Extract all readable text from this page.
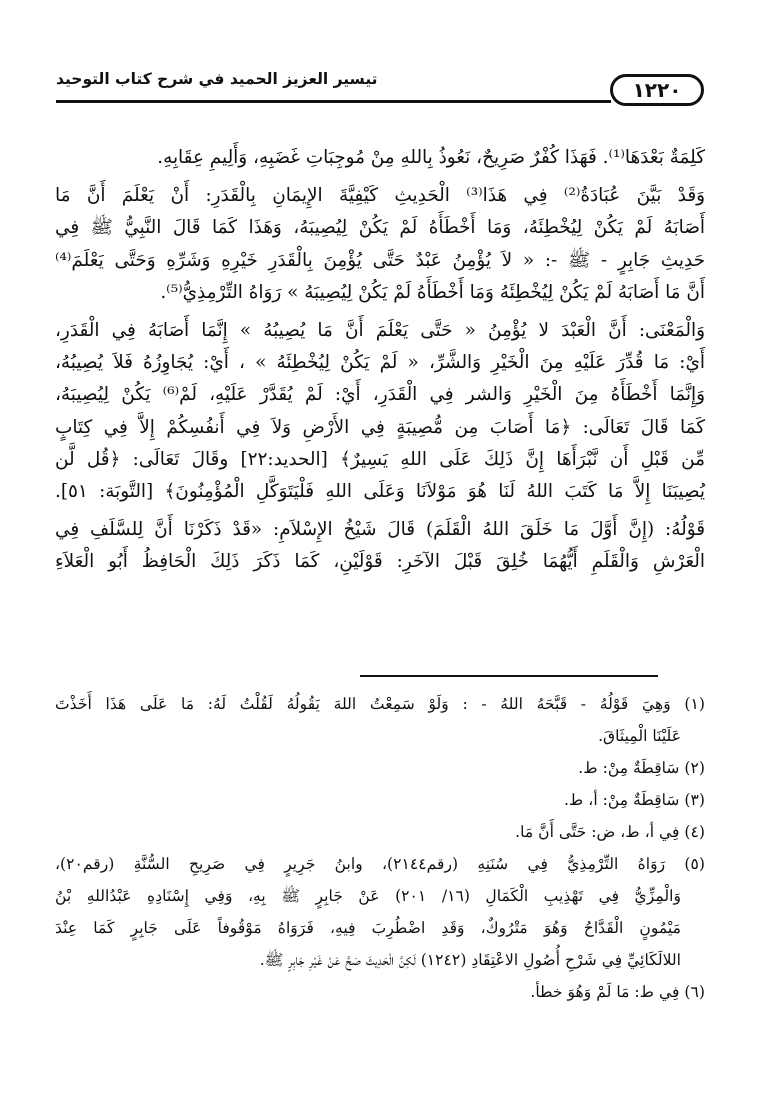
تيسير العزيز الحميد في شرح كتاب التوحيد	١٢٢٠

كَلِمَةٌ بَعْدَهَا⁽¹⁾. فَهَذَا كُفْرٌ صَرِيحٌ، نَعُوذُ بِاللهِ مِنْ مُوجِبَاتِ غَضَبِهِ، وَأَلِيمِ عِقَابِهِ.

وَقَدْ بَيَّنَ عُبَادَةُ⁽²⁾ فِي هَذَا⁽³⁾ الْحَدِيثِ كَيْفِيَّةَ الإِيمَانِ بِالْقَدَرِ: أَنْ يَعْلَمَ أَنَّ مَا

أَصَابَهُ لَمْ يَكُنْ لِيُخْطِئَهُ، وَمَا أَخْطَأَهُ لَمْ يَكُنْ لِيُصِيبَهُ، وَهَذَا كَمَا قَالَ النَّبِيُّ ﷺ فِي

حَدِيثِ جَابِرٍ - ﷺ -: « لاَ يُؤْمِنُ عَبْدٌ حَتَّى يُؤْمِنَ بِالْقَدَرِ خَيْرِهِ وَشَرِّهِ وَحَتَّى يَعْلَمَ⁽⁴⁾

أَنَّ مَا أَصَابَهُ لَمْ يَكُنْ لِيُخْطِئَهُ وَمَا أَخْطَأَهُ لَمْ يَكُنْ لِيُصِيبَهُ » رَوَاهُ التِّرْمِذِيُّ⁽⁵⁾.

وَالْمَعْنَى: أَنَّ الْعَبْدَ لا يُؤْمِنُ « حَتَّى يَعْلَمَ أَنَّ مَا يُصِيبُهُ » إِنَّمَا أَصَابَهُ فِي الْقَدَرِ،

أَيْ: مَا قُدِّرَ عَلَيْهِ مِنَ الْخَيْرِ وَالشَّرِّ، « لَمْ يَكُنْ لِيُخْطِئَهُ » ، أَيْ: يُجَاوِزُهُ فَلاَ يُصِيبُهُ،

وَإِنَّمَا أَخْطَأَهُ مِنَ الْخَيْرِ وَالشر فِي الْقَدَرِ، أَيْ: لَمْ يُقَدَّرْ عَلَيْهِ، لَمْ⁽⁶⁾ يَكُنْ لِيُصِيبَهُ،

كَمَا قَالَ تَعَالَى: ﴿مَا أَصَابَ مِن مُّصِيبَةٍ فِي الأَرْضِ وَلاَ فِي أَنفُسِكُمْ إِلاَّ فِي كِتَابٍ

مِّن قَبْلِ أَن نَّبْرَأَهَا إِنَّ ذَلِكَ عَلَى اللهِ يَسِيرٌ﴾ [الحديد:٢٢] وقَالَ تَعَالَى: ﴿قُل لَّن

يُصِيبَنَا إِلاَّ مَا كَتَبَ اللهُ لَنَا هُوَ مَوْلاَنَا وَعَلَى اللهِ فَلْيَتَوَكَّلِ الْمُؤْمِنُونَ﴾ [التَّوبَة: ٥١].

قَوْلُهُ: (إِنَّ أَوَّلَ مَا خَلَقَ اللهُ الْقَلَمَ) قَالَ شَيْخُ الإِسْلاَمِ: «قَدْ ذَكَرْنَا أَنَّ لِلسَّلَفِ فِي

الْعَرْشِ وَالْقَلَمِ أَيُّهُمَا خُلِقَ قَبْلَ الآخَرِ: قَوْلَيْنِ، كَمَا ذَكَرَ ذَلِكَ الْحَافِظُ أَبُو الْعَلاَءِ

(١) وَهِيَ قَوْلُهُ - قَبَّحَهُ اللهُ - : وَلَوْ سَمِعْتُ اللهَ يَقُولُهُ لَقُلْتُ لَهُ: مَا عَلَى هَذَا أَخَذْتَ

عَلَيْنَا الْمِيثَاقَ.

(٢) سَاقِطَةٌ مِنْ: ط.

(٣) سَاقِطَةٌ مِنْ: أ، ط.

(٤) فِي أ، ط، ض: حَتَّى أَنَّ مَا.

(٥) رَوَاهُ التِّرْمِذِيُّ فِي سُنَنِهِ (رقم٢١٤٤)، وابنُ جَرِيرٍ فِي صَرِيحِ السُّنَّةِ (رقم٢٠)،

وَالْمِزِّيُّ فِي تَهْذِيبِ الْكَمَالِ (١٦/ ٢٠١) عَنْ جَابِرٍ ﷺ بِهِ، وَفِي إِسْنَادِهِ عَبْدُاللهِ بْنُ

مَيْمُونٍ الْقَدَّاحُ وَهُوَ مَتْرُوكٌ، وَقَدِ اضْطُرِبَ فِيهِ، فَرَوَاهُ مَوْقُوفاً عَلَى جَابِرٍ كَمَا عِنْدَ

اللالَكَائِيِّ فِي شَرْحِ أُصُولِ الاعْتِقَادِ (١٢٤٢) لَكِنَّ الْحَدِيثَ صَحَّ عَنْ غَيْرِ جَابِرٍ ﷺ.

(٦) فِي ط: مَا لَمْ وَهُوَ خطأ.
